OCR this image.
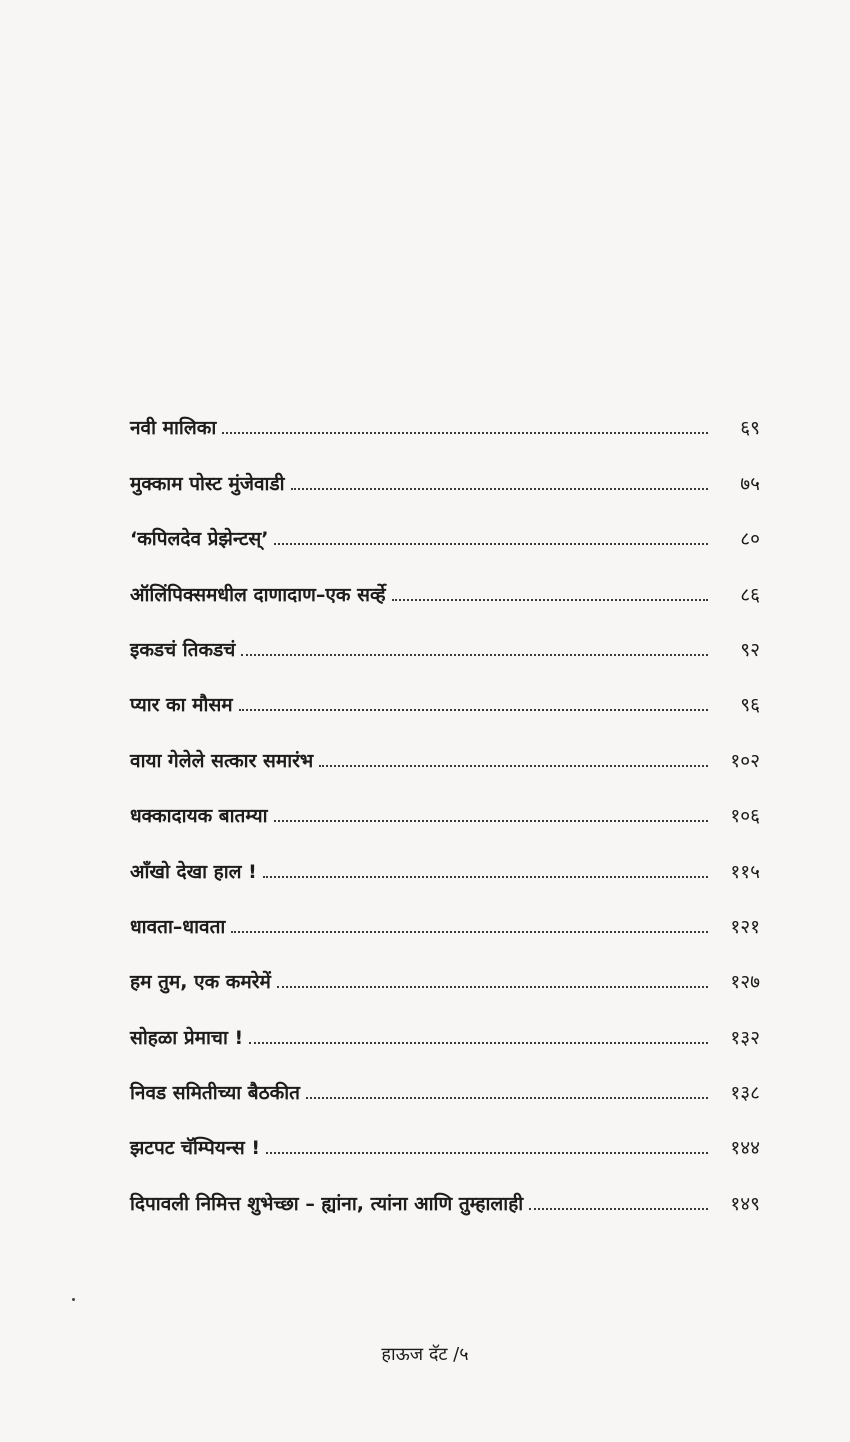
नवी मालिका	६९
मुक्काम पोस्ट मुंजेवाडी	७५
‘कपिलदेव प्रेझेन्टस्’	८०
ऑलिंपिक्समधील दाणादाण–एक सर्व्हे	८६
इकडचं तिकडचं	९२
प्यार का मौसम	९६
वाया गेलेले सत्कार समारंभ	१०२
धक्कादायक बातम्या	१०६
आँखो देखा हाल !	११५
धावता–धावता	१२१
हम तुम, एक कमरेमें	१२७
सोहळा प्रेमाचा !	१३२
निवड समितीच्या बैठकीत	१३८
झटपट चॅम्पियन्स !	१४४
दिपावली निमित्त शुभेच्छा – ह्यांना, त्यांना आणि तुम्हालाही	१४९
हाऊज दॅट /५
